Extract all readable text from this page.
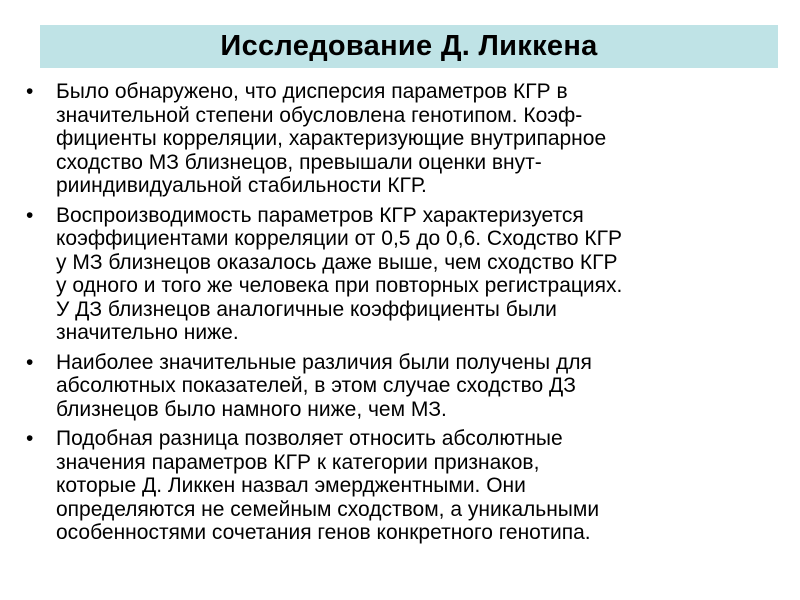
Исследование Д. Ликкена
• Было обнаружено, что дисперсия параметров КГР в
значительной степени обусловлена генотипом. Коэф-
фициенты корреляции, характеризующие внутрипарное
сходство МЗ близнецов, превышали оценки внут-
рииндивидуальной стабильности КГР.
• Воспроизводимость параметров КГР характеризуется
коэффициентами корреляции от 0,5 до 0,6. Сходство КГР
у МЗ близнецов оказалось даже выше, чем сходство КГР
у одного и того же человека при повторных регистрациях.
У ДЗ близнецов аналогичные коэффициенты были
значительно ниже.
• Наиболее значительные различия были получены для
абсолютных показателей, в этом случае сходство ДЗ
близнецов было намного ниже, чем МЗ.
• Подобная разница позволяет относить абсолютные
значения параметров КГР к категории признаков,
которые Д. Ликкен назвал эмерджентными. Они
определяются не семейным сходством, а уникальными
особенностями сочетания генов конкретного генотипа.
